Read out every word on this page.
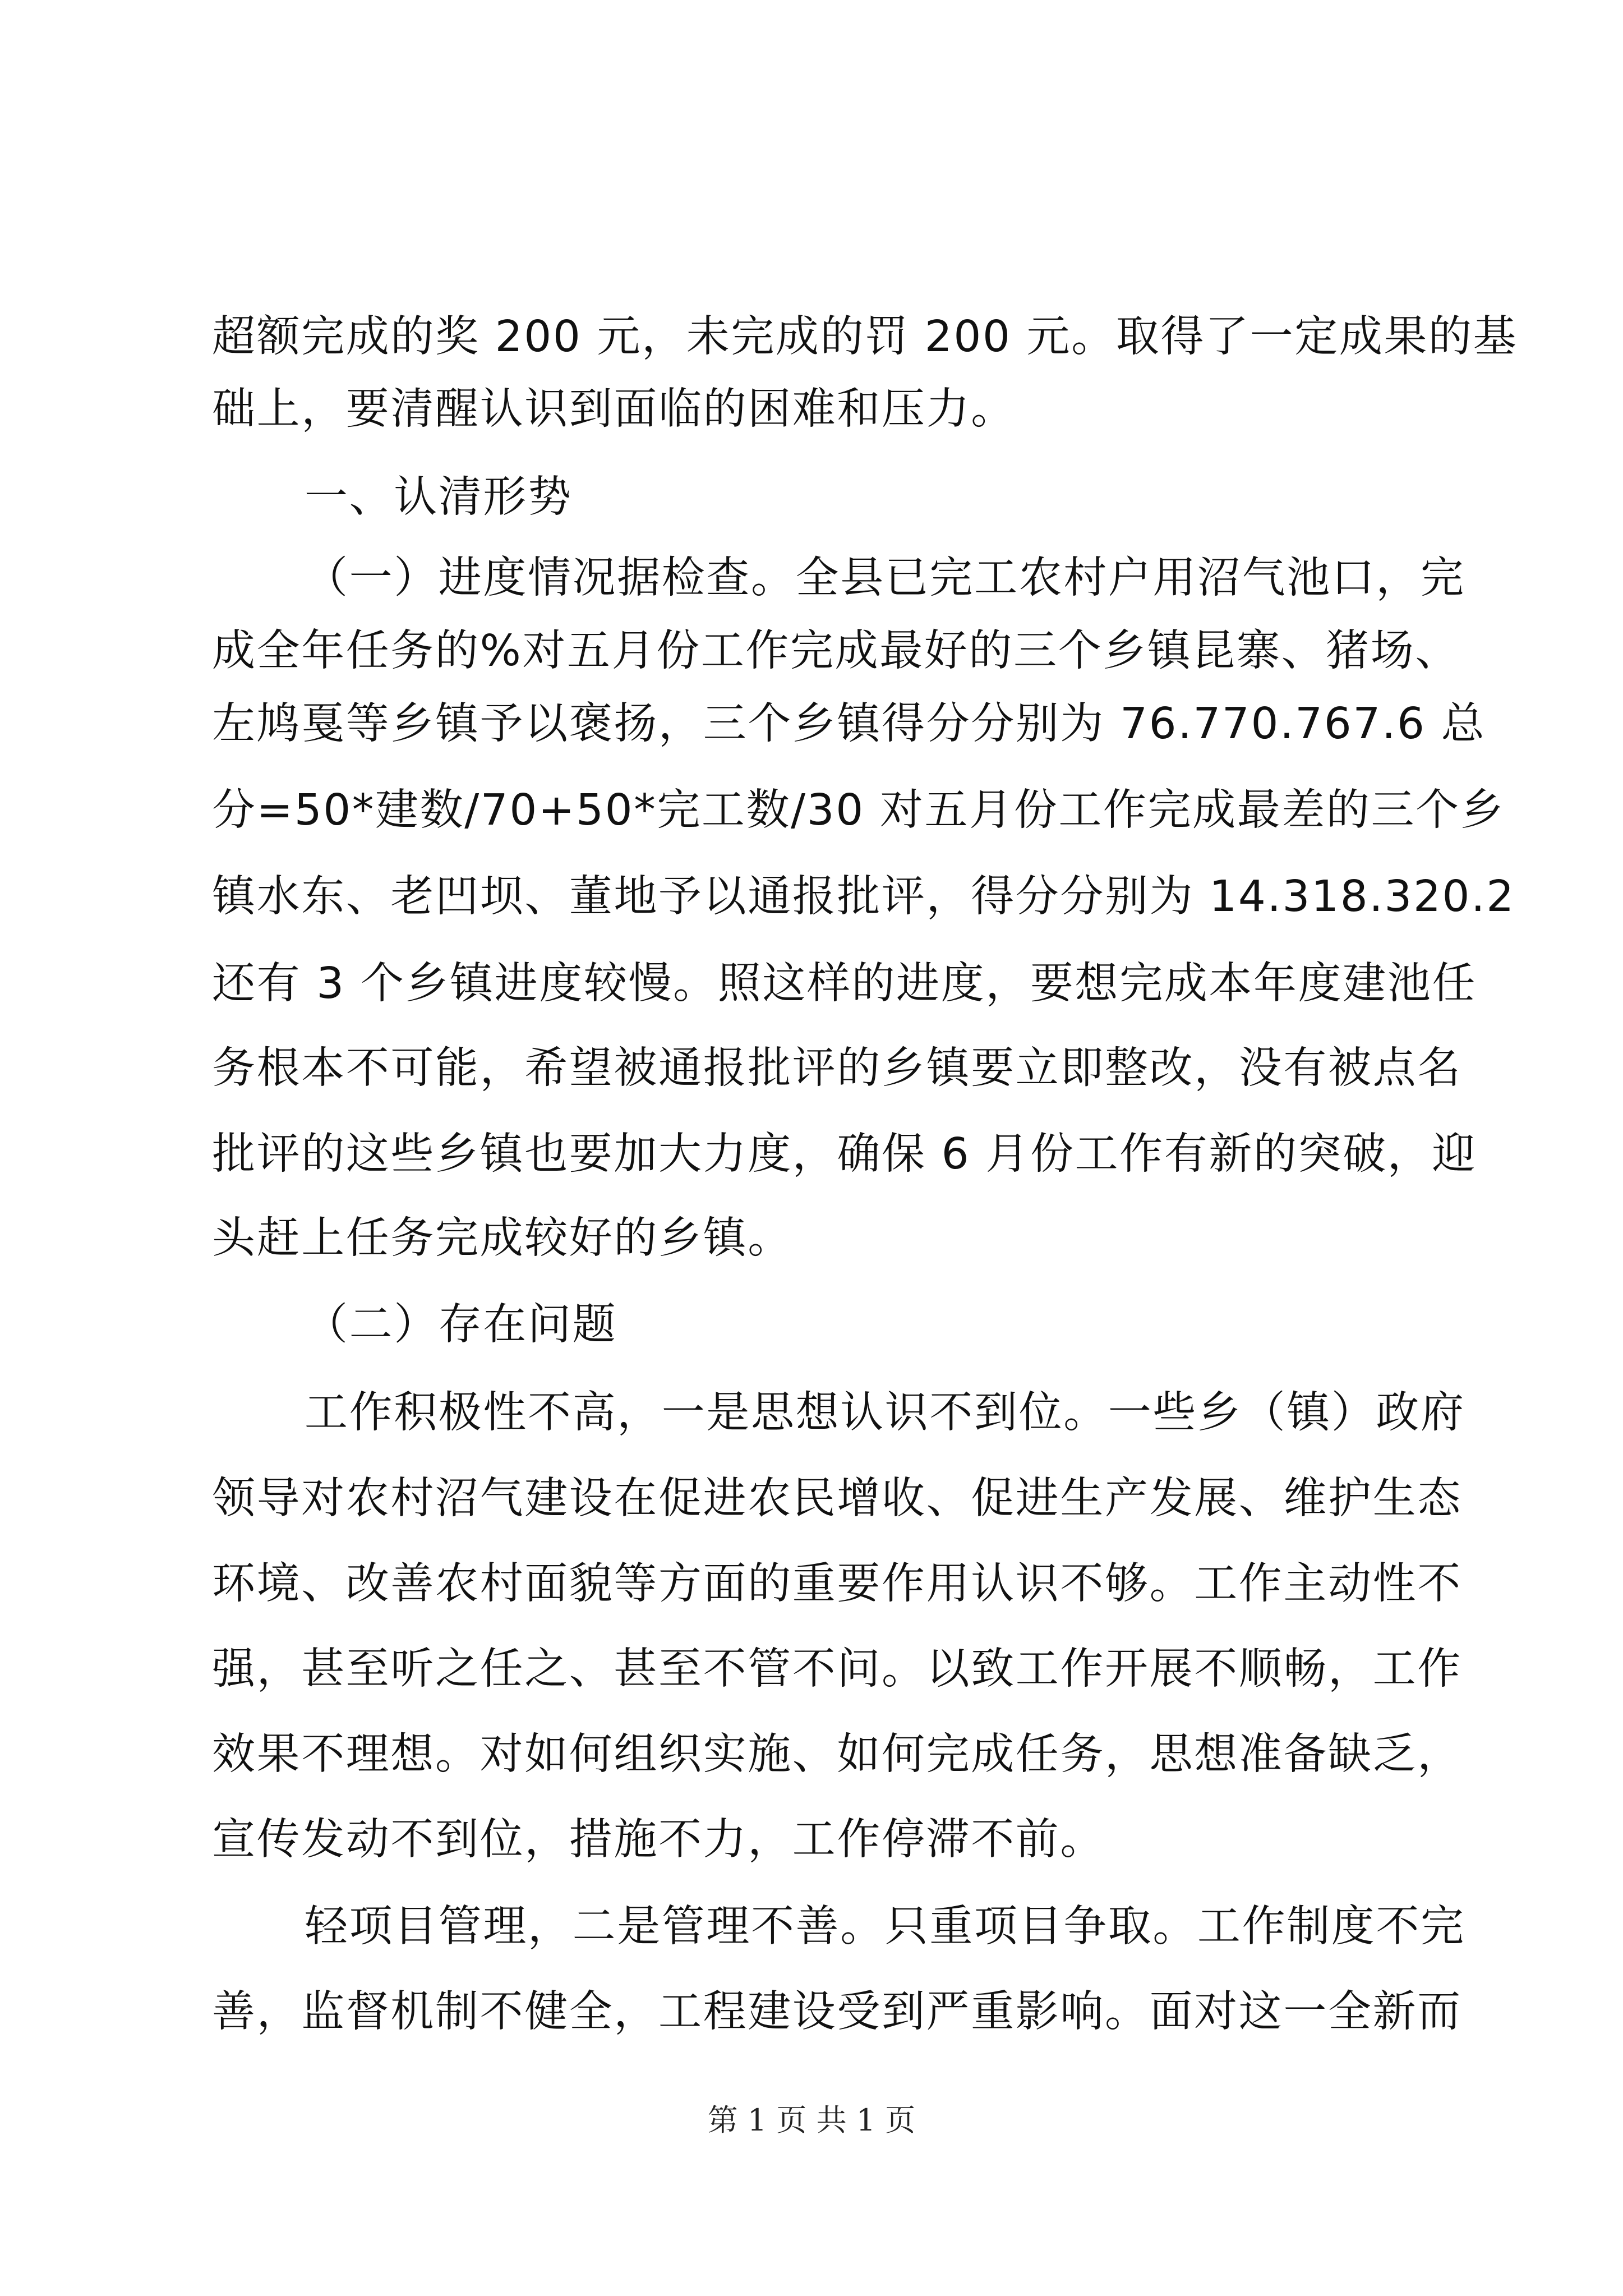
超额完成的奖 200 元，未完成的罚 200 元。取得了一定成果的基
础上，要清醒认识到面临的困难和压力。
一、认清形势
（一）进度情况据检查。全县已完工农村户用沼气池口，完
成全年任务的%对五月份工作完成最好的三个乡镇昆寨、猪场、
左鸠戛等乡镇予以褒扬，三个乡镇得分分别为 76.770.767.6 总
分=50*建数/70+50*完工数/30 对五月份工作完成最差的三个乡
镇水东、老凹坝、董地予以通报批评，得分分别为 14.318.320.2
还有 3 个乡镇进度较慢。照这样的进度，要想完成本年度建池任
务根本不可能，希望被通报批评的乡镇要立即整改，没有被点名
批评的这些乡镇也要加大力度，确保 6 月份工作有新的突破，迎
头赶上任务完成较好的乡镇。
（二）存在问题
工作积极性不高，一是思想认识不到位。一些乡（镇）政府
领导对农村沼气建设在促进农民增收、促进生产发展、维护生态
环境、改善农村面貌等方面的重要作用认识不够。工作主动性不
强，甚至听之任之、甚至不管不问。以致工作开展不顺畅，工作
效果不理想。对如何组织实施、如何完成任务，思想准备缺乏，
宣传发动不到位，措施不力，工作停滞不前。
轻项目管理，二是管理不善。只重项目争取。工作制度不完
善，监督机制不健全，工程建设受到严重影响。面对这一全新而
第 1 页 共 1 页
